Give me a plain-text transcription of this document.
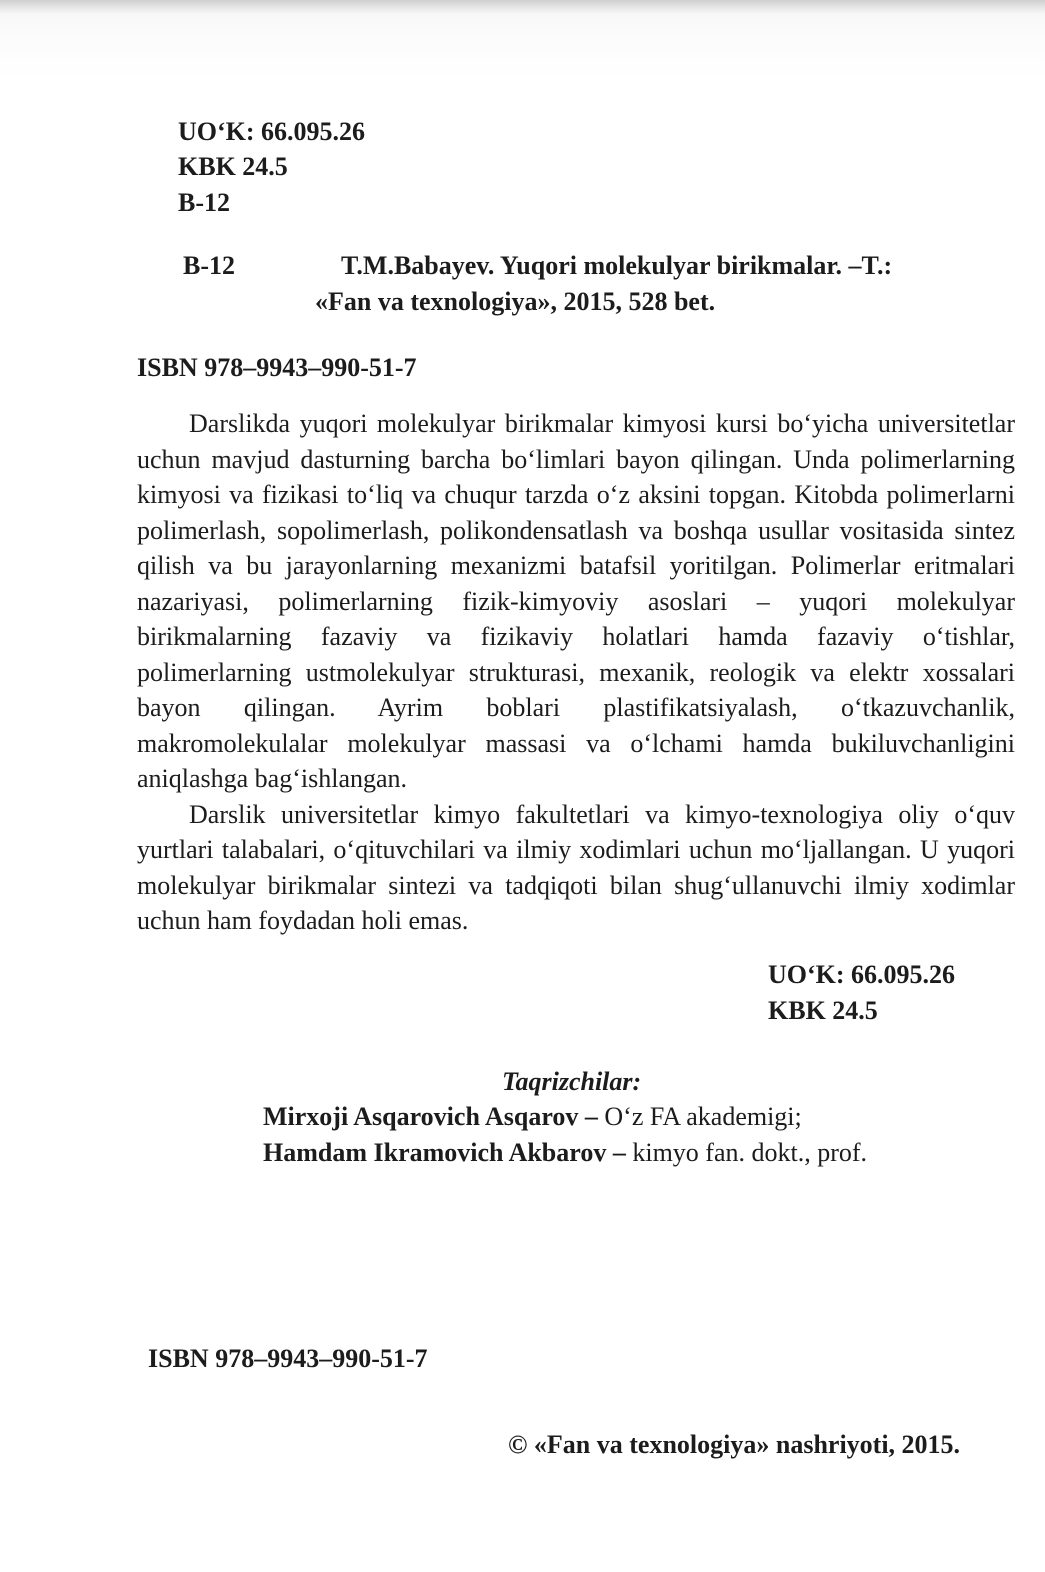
UO‘K: 66.095.26
KBK 24.5
B-12
B-12	T.M.Babayev. Yuqori molekulyar birikmalar. –T.:
«Fan va texnologiya», 2015, 528 bet.
ISBN 978–9943–990-51-7

Darslikda yuqori molekulyar birikmalar kimyosi kursi bo‘yicha universitetlar uchun mavjud dasturning barcha bo‘limlari bayon qilingan. Unda polimerlarning kimyosi va fizikasi to‘liq va chuqur tarzda o‘z aksini topgan. Kitobda polimerlarni polimerlash, sopolimerlash, polikondensatlash va boshqa usullar vositasida sintez qilish va bu jarayonlarning mexanizmi batafsil yoritilgan. Polimerlar eritmalari nazariyasi, polimerlarning fizik-kimyoviy asoslari – yuqori molekulyar birikmalarning fazaviy va fizikaviy holatlari hamda fazaviy o‘tishlar, polimerlarning ustmolekulyar strukturasi, mexanik, reologik va elektr xossalari bayon qilingan. Ayrim boblari plastifikatsiyalash, o‘tkazuvchanlik, makromolekulalar molekulyar massasi va o‘lchami hamda bukiluvchanligini aniqlashga bag‘ishlangan.

Darslik universitetlar kimyo fakultetlari va kimyo-texnologiya oliy o‘quv yurtlari talabalari, o‘qituvchilari va ilmiy xodimlari uchun mo‘ljallangan. U yuqori molekulyar birikmalar sintezi va tadqiqoti bilan shug‘ullanuvchi ilmiy xodimlar uchun ham foydadan holi emas.

UO‘K: 66.095.26
KBK 24.5
Taqrizchilar:
Mirxoji Asqarovich Asqarov – O‘z FA akademigi;
Hamdam Ikramovich Akbarov – kimyo fan. dokt., prof.
ISBN 978–9943–990-51-7
© «Fan va texnologiya» nashriyoti, 2015.
